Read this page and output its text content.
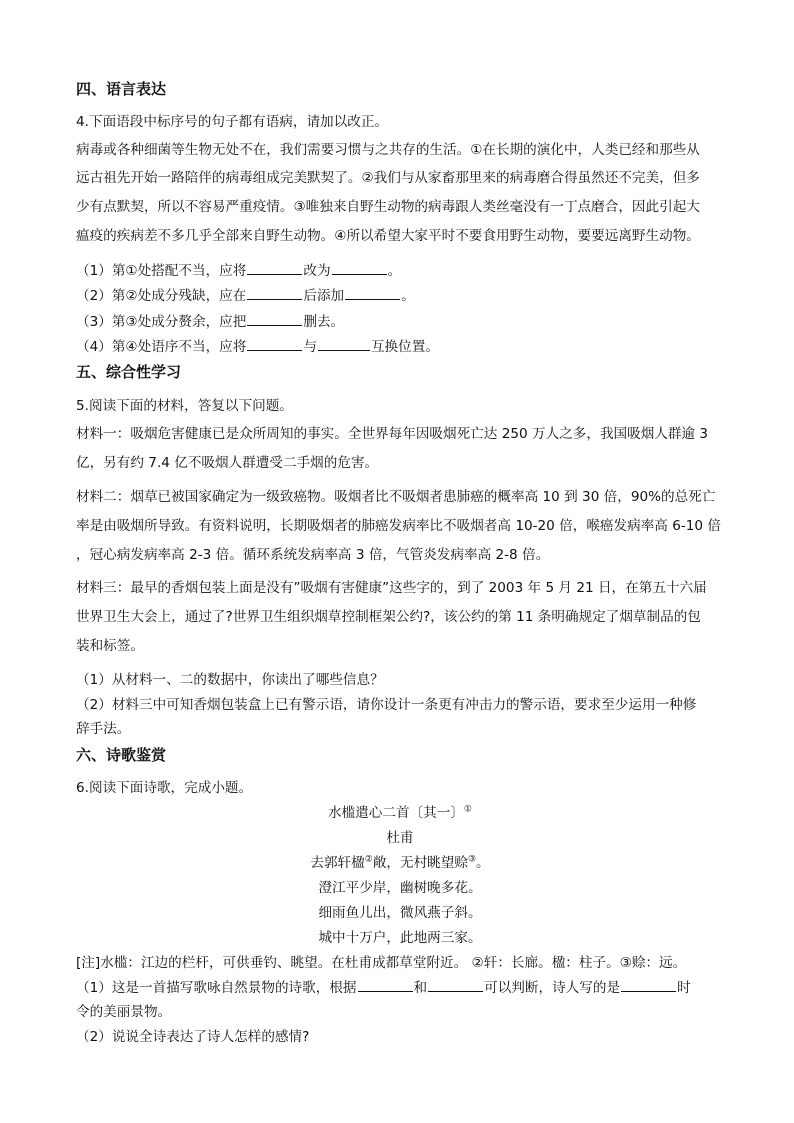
四、语言表达
4.下面语段中标序号的句子都有语病，请加以改正。
病毒或各种细菌等生物无处不在，我们需要习惯与之共存的生活。①在长期的演化中，人类已经和那些从
远古祖先开始一路陪伴的病毒组成完美默契了。②我们与从家畜那里来的病毒磨合得虽然还不完美，但多
少有点默契，所以不容易严重疫情。③唯独来自野生动物的病毒跟人类丝毫没有一丁点磨合，因此引起大
瘟疫的疾病差不多几乎全部来自野生动物。④所以希望大家平时不要食用野生动物，要要远离野生动物。
（1）第①处搭配不当，应将	改为	。
（2）第②处成分残缺，应在	后添加	。
（3）第③处成分赘余，应把	删去。
（4）第④处语序不当，应将	与	互换位置。
五、综合性学习
5.阅读下面的材料，答复以下问题。
材料一：吸烟危害健康已是众所周知的事实。全世界每年因吸烟死亡达 250 万人之多，我国吸烟人群逾 3
亿，另有约 7.4 亿不吸烟人群遭受二手烟的危害。
材料二：烟草已被国家确定为一级致癌物。吸烟者比不吸烟者患肺癌的概率高 10 到 30 倍，90%的总死亡
率是由吸烟所导致。有资料说明，长期吸烟者的肺癌发病率比不吸烟者高 10-20 倍，喉癌发病率高 6-10 倍
，冠心病发病率高 2-3 倍。循环系统发病率高 3 倍，气管炎发病率高 2-8 倍。
材料三：最早的香烟包装上面是没有”吸烟有害健康”这些字的，到了 2003 年 5 月 21 日，在第五十六届
世界卫生大会上，通过了?世界卫生组织烟草控制框架公约?，该公约的第 11 条明确规定了烟草制品的包
装和标签。
（1）从材料一、二的数据中，你读出了哪些信息？
（2）材料三中可知香烟包装盒上已有警示语，请你设计一条更有冲击力的警示语，要求至少运用一种修
辞手法。
六、诗歌鉴赏
6.阅读下面诗歌，完成小题。
水槛遣心二首〔其一〕①
杜甫
去郭轩楹②敞，无村眺望赊③。
澄江平少岸，幽树晚多花。
细雨鱼儿出，微风燕子斜。
城中十万户，此地两三家。
[注]水槛：江边的栏杆，可供垂钓、眺望。在杜甫成都草堂附近。 ②轩：长廊。楹：柱子。③赊：远。
（1）这是一首描写歌咏自然景物的诗歌，根据	和	可以判断，诗人写的是	时
令的美丽景物。
（2）说说全诗表达了诗人怎样的感情?
